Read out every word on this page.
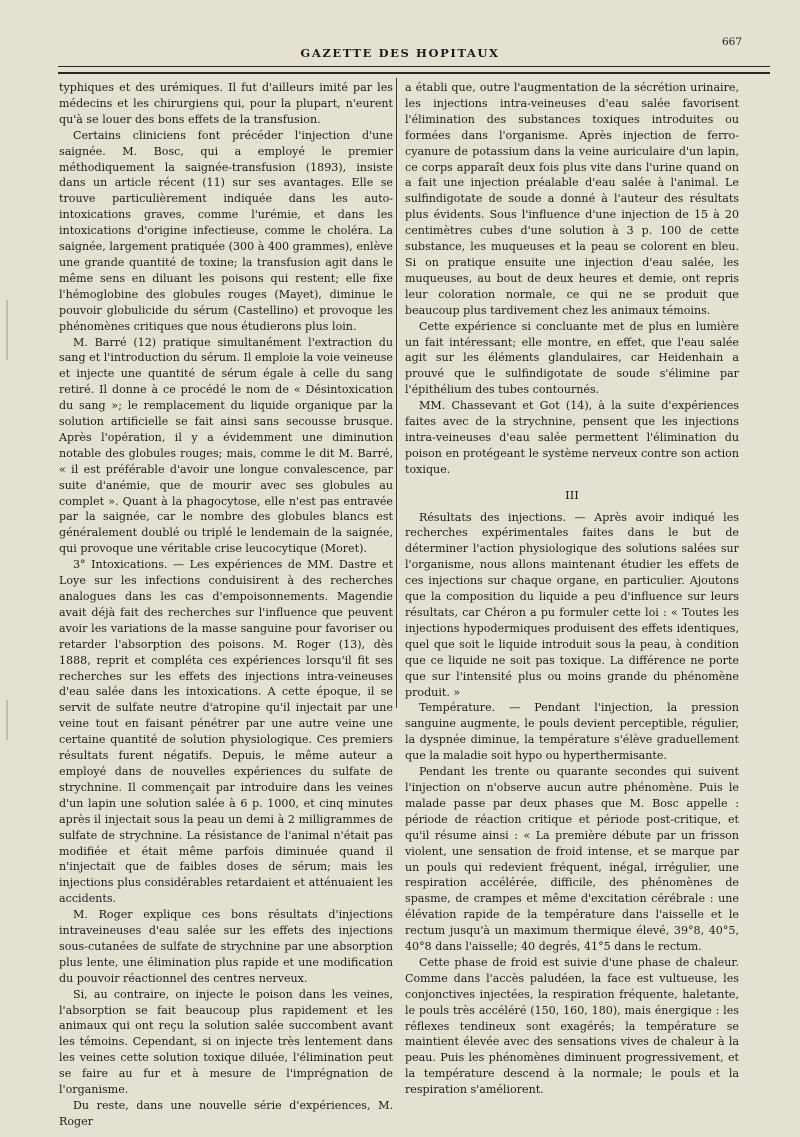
GAZETTE DES HOPITAUX
667

typhiques et des urémiques. Il fut d'ailleurs imité par les médecins et les chirurgiens qui, pour la plupart, n'eurent qu'à se louer des bons effets de la transfusion.

Certains cliniciens font précéder l'injection d'une saignée. M. Bosc, qui a employé le premier méthodiquement la saignée-transfusion (1893), insiste dans un article récent (11) sur ses avantages. Elle se trouve particulièrement indiquée dans les auto-intoxications graves, comme l'urémie, et dans les intoxications d'origine infectieuse, comme le choléra. La saignée, largement pratiquée (300 à 400 grammes), enlève une grande quantité de toxine; la transfusion agit dans le même sens en diluant les poisons qui restent; elle fixe l'hémoglobine des globules rouges (Mayet), diminue le pouvoir globulicide du sérum (Castellino) et provoque les phénomènes critiques que nous étudierons plus loin.

M. Barré (12) pratique simultanément l'extraction du sang et l'introduction du sérum. Il emploie la voie veineuse et injecte une quantité de sérum égale à celle du sang retiré. Il donne à ce procédé le nom de « Désintoxication du sang »; le remplacement du liquide organique par la solution artificielle se fait ainsi sans secousse brusque. Après l'opération, il y a évidemment une diminution notable des globules rouges; mais, comme le dit M. Barré, « il est préférable d'avoir une longue convalescence, par suite d'anémie, que de mourir avec ses globules au complet ». Quant à la phagocytose, elle n'est pas entravée par la saignée, car le nombre des globules blancs est généralement doublé ou triplé le lendemain de la saignée, qui provoque une véritable crise leucocytique (Moret).

3° Intoxications. — Les expériences de MM. Dastre et Loye sur les infections conduisirent à des recherches analogues dans les cas d'empoisonnements. Magendie avait déjà fait des recherches sur l'influence que peuvent avoir les variations de la masse sanguine pour favoriser ou retarder l'absorption des poisons. M. Roger (13), dès 1888, reprit et compléta ces expériences lorsqu'il fit ses recherches sur les effets des injections intra-veineuses d'eau salée dans les intoxications. A cette époque, il se servit de sulfate neutre d'atropine qu'il injectait par une veine tout en faisant pénétrer par une autre veine une certaine quantité de solution physiologique. Ces premiers résultats furent négatifs. Depuis, le même auteur a employé dans de nouvelles expériences du sulfate de strychnine. Il commençait par introduire dans les veines d'un lapin une solution salée à 6 p. 1000, et cinq minutes après il injectait sous la peau un demi à 2 milligrammes de sulfate de strychnine. La résistance de l'animal n'était pas modifiée et était même parfois diminuée quand il n'injectait que de faibles doses de sérum; mais les injections plus considérables retardaient et atténuaient les accidents.

M. Roger explique ces bons résultats d'injections intraveineuses d'eau salée sur les effets des injections sous-cutanées de sulfate de strychnine par une absorption plus lente, une élimination plus rapide et une modification du pouvoir réactionnel des centres nerveux.

Si, au contraire, on injecte le poison dans les veines, l'absorption se fait beaucoup plus rapidement et les animaux qui ont reçu la solution salée succombent avant les témoins. Cependant, si on injecte très lentement dans les veines cette solution toxique diluée, l'élimination peut se faire au fur et à mesure de l'imprégnation de l'organisme.

Du reste, dans une nouvelle série d'expériences, M. Roger

a établi que, outre l'augmentation de la sécrétion urinaire, les injections intra-veineuses d'eau salée favorisent l'élimination des substances toxiques introduites ou formées dans l'organisme. Après injection de ferro-cyanure de potassium dans la veine auriculaire d'un lapin, ce corps apparaît deux fois plus vite dans l'urine quand on a fait une injection préalable d'eau salée à l'animal. Le sulfindigotate de soude a donné à l'auteur des résultats plus évidents. Sous l'influence d'une injection de 15 à 20 centimètres cubes d'une solution à 3 p. 100 de cette substance, les muqueuses et la peau se colorent en bleu. Si on pratique ensuite une injection d'eau salée, les muqueuses, au bout de deux heures et demie, ont repris leur coloration normale, ce qui ne se produit que beaucoup plus tardivement chez les animaux témoins.

Cette expérience si concluante met de plus en lumière un fait intéressant; elle montre, en effet, que l'eau salée agit sur les éléments glandulaires, car Heidenhain a prouvé que le sulfindigotate de soude s'élimine par l'épithélium des tubes contournés.

MM. Chassevant et Got (14), à la suite d'expériences faites avec de la strychnine, pensent que les injections intra-veineuses d'eau salée permettent l'élimination du poison en protégeant le système nerveux contre son action toxique.

III

Résultats des injections. — Après avoir indiqué les recherches expérimentales faites dans le but de déterminer l'action physiologique des solutions salées sur l'organisme, nous allons maintenant étudier les effets de ces injections sur chaque organe, en particulier. Ajoutons que la composition du liquide a peu d'influence sur leurs résultats, car Chéron a pu formuler cette loi : « Toutes les injections hypodermiques produisent des effets identiques, quel que soit le liquide introduit sous la peau, à condition que ce liquide ne soit pas toxique. La différence ne porte que sur l'intensité plus ou moins grande du phénomène produit. »

Température. — Pendant l'injection, la pression sanguine augmente, le pouls devient perceptible, régulier, la dyspnée diminue, la température s'élève graduellement que la maladie soit hypo ou hyperthermisante.

Pendant les trente ou quarante secondes qui suivent l'injection on n'observe aucun autre phénomène. Puis le malade passe par deux phases que M. Bosc appelle : période de réaction critique et période post-critique, et qu'il résume ainsi : « La première débute par un frisson violent, une sensation de froid intense, et se marque par un pouls qui redevient fréquent, inégal, irrégulier, une respiration accélérée, difficile, des phénomènes de spasme, de crampes et même d'excitation cérébrale : une élévation rapide de la température dans l'aisselle et le rectum jusqu'à un maximum thermique élevé, 39°8, 40°5, 40°8 dans l'aisselle; 40 degrés, 41°5 dans le rectum.

Cette phase de froid est suivie d'une phase de chaleur. Comme dans l'accès paludéen, la face est vultueuse, les conjonctives injectées, la respiration fréquente, haletante, le pouls très accéléré (150, 160, 180), mais énergique : les réflexes tendineux sont exagérés; la température se maintient élevée avec des sensations vives de chaleur à la peau. Puis les phénomènes diminuent progressivement, et la température descend à la normale; le pouls et la respiration s'améliorent.
